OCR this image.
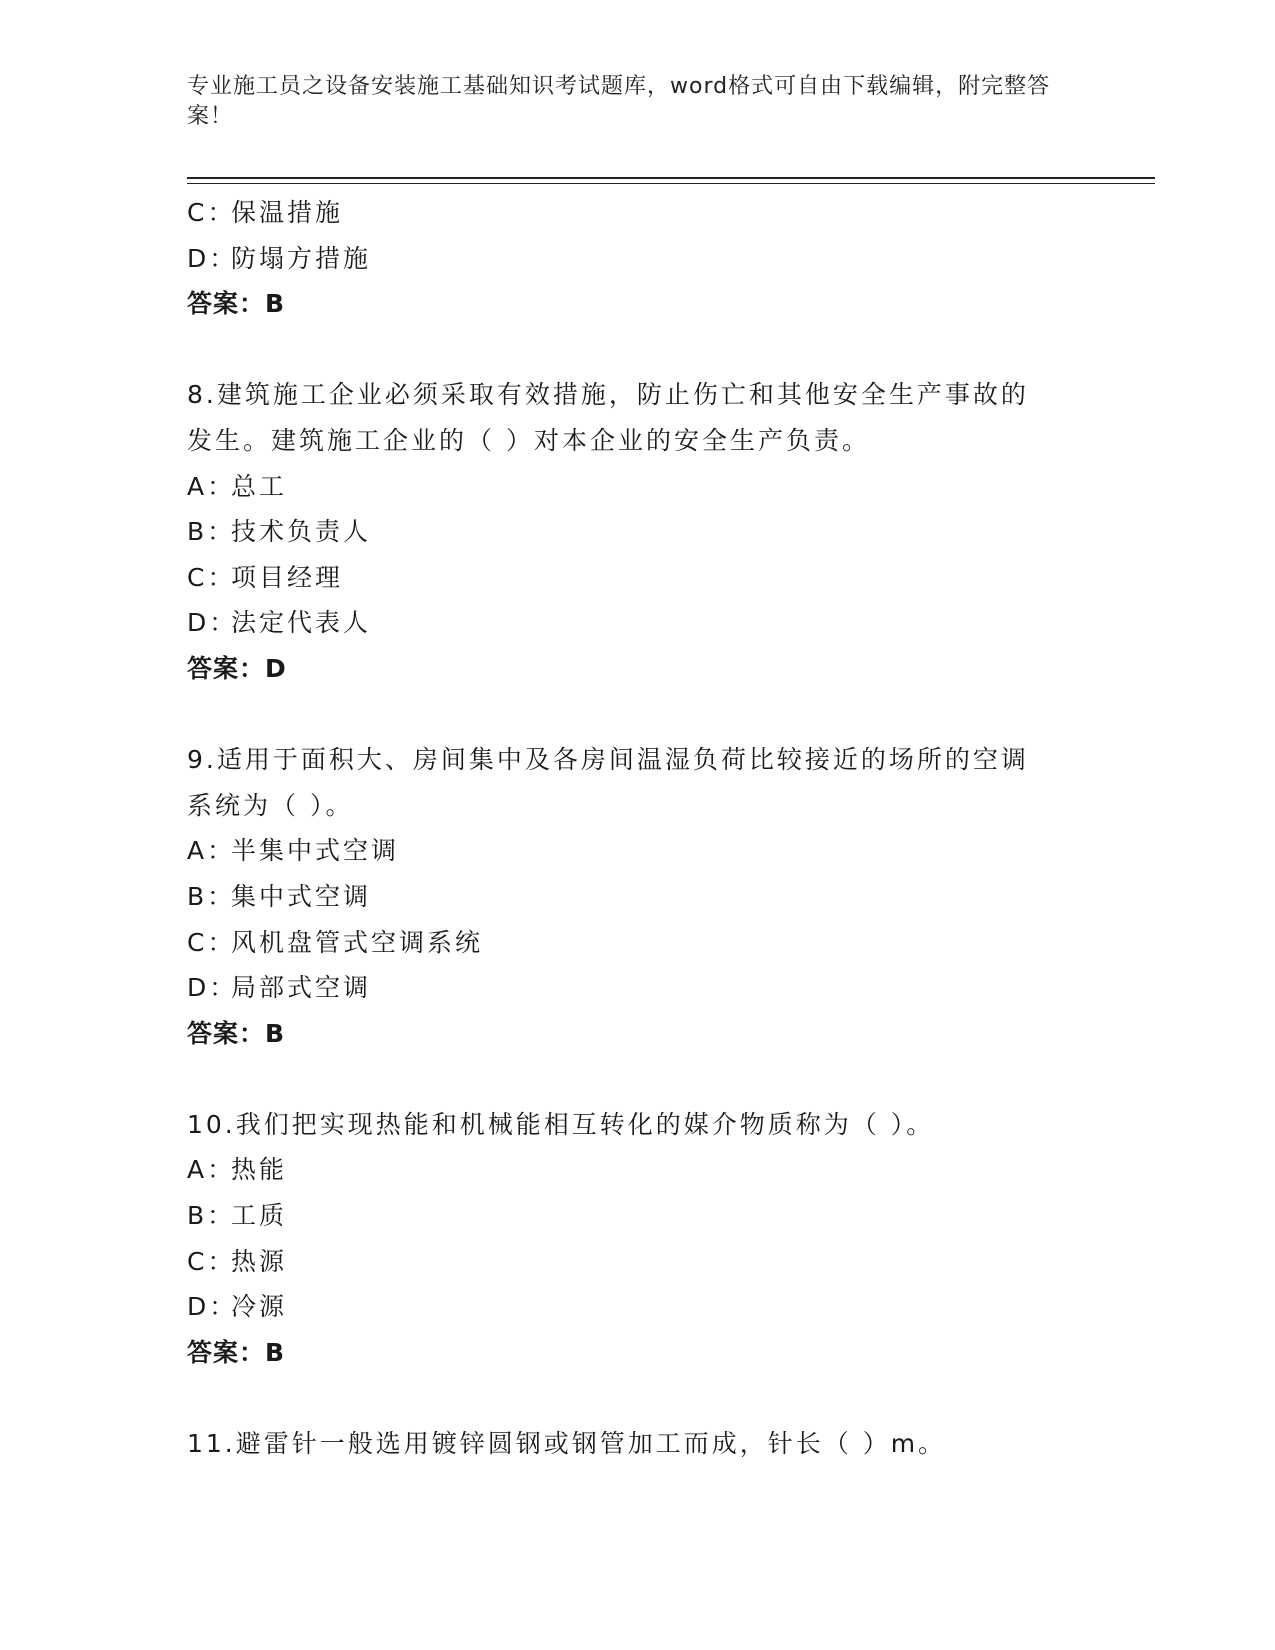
专业施工员之设备安装施工基础知识考试题库，word格式可自由下载编辑，附完整答案！
C：保温措施
D：防塌方措施
答案：B
8.建筑施工企业必须采取有效措施，防止伤亡和其他安全生产事故的
发生。建筑施工企业的（ ）对本企业的安全生产负责。
A：总工
B：技术负责人
C：项目经理
D：法定代表人
答案：D
9.适用于面积大、房间集中及各房间温湿负荷比较接近的场所的空调
系统为（ ）。
A：半集中式空调
B：集中式空调
C：风机盘管式空调系统
D：局部式空调
答案：B
10.我们把实现热能和机械能相互转化的媒介物质称为（ ）。
A：热能
B：工质
C：热源
D：冷源
答案：B
11.避雷针一般选用镀锌圆钢或钢管加工而成，针长（ ）m。
